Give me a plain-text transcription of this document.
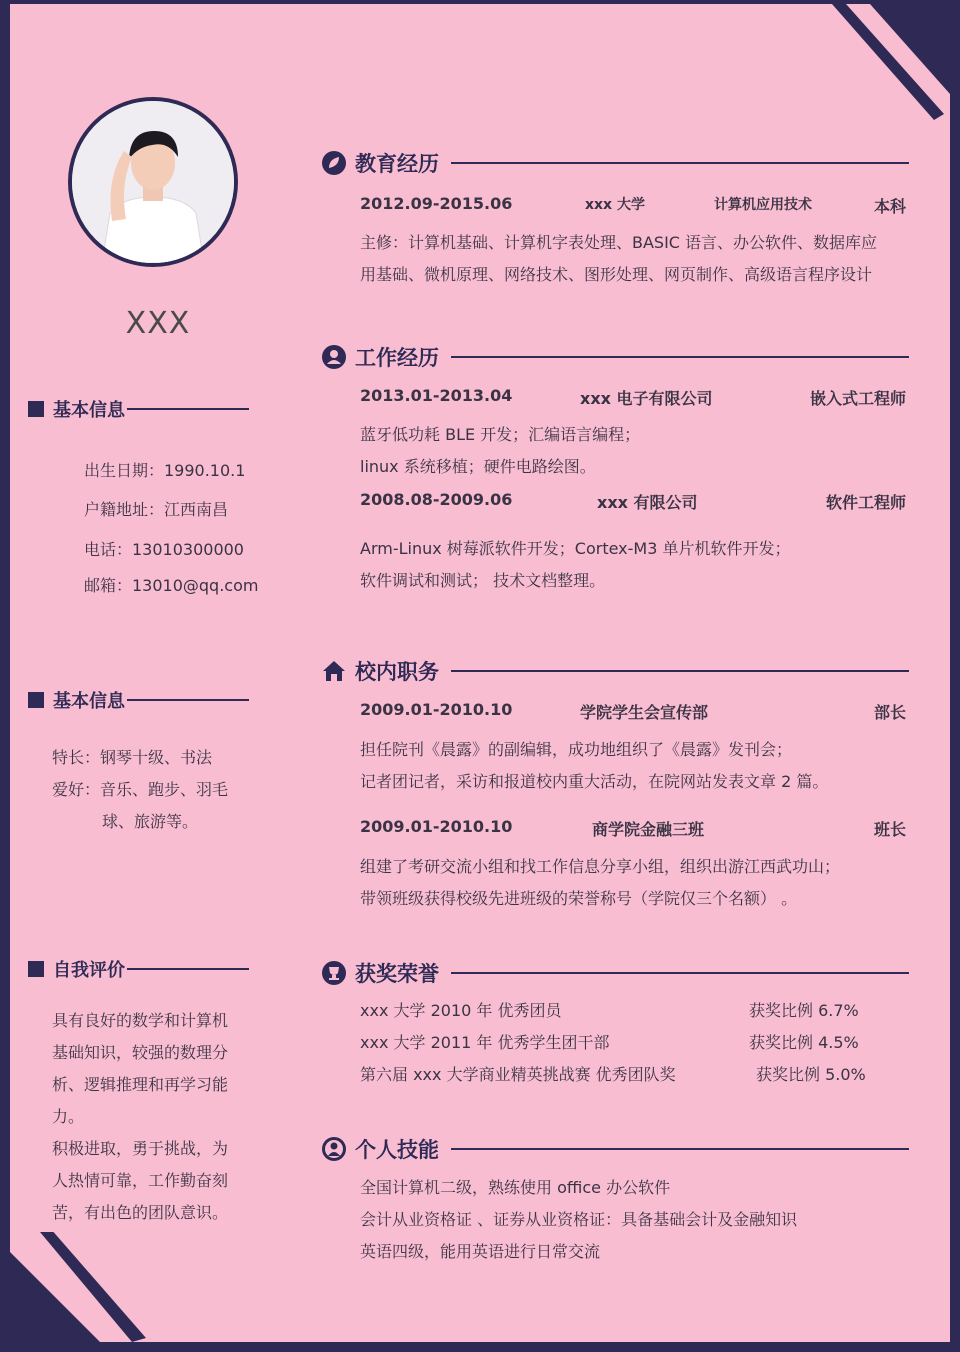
XXX
基本信息
出生日期：1990.10.1
户籍地址：江西南昌
电话：13010300000
邮箱：13010@qq.com
基本信息
特长：钢琴十级、书法
爱好：音乐、跑步、羽毛
球、旅游等。
自我评价
具有良好的数学和计算机
基础知识，较强的数理分
析、逻辑推理和再学习能
力。
积极进取，勇于挑战，为
人热情可靠，工作勤奋刻
苦，有出色的团队意识。
教育经历
2012.09-2015.06	xxx 大学	计算机应用技术	本科
主修：计算机基础、计算机字表处理、BASIC 语言、办公软件、数据库应
用基础、微机原理、网络技术、图形处理、网页制作、高级语言程序设计
工作经历
2013.01-2013.04	xxx 电子有限公司	嵌入式工程师
蓝牙低功耗 BLE 开发；汇编语言编程；
linux 系统移植；硬件电路绘图。
2008.08-2009.06	xxx 有限公司	软件工程师
Arm-Linux 树莓派软件开发；Cortex-M3 单片机软件开发；
软件调试和测试； 技术文档整理。
校内职务
2009.01-2010.10	学院学生会宣传部	部长
担任院刊《晨露》的副编辑，成功地组织了《晨露》发刊会；
记者团记者，采访和报道校内重大活动，在院网站发表文章 2 篇。
2009.01-2010.10	商学院金融三班	班长
组建了考研交流小组和找工作信息分享小组，组织出游江西武功山；
带领班级获得校级先进班级的荣誉称号（学院仅三个名额） 。
获奖荣誉
xxx 大学 2010 年 优秀团员	获奖比例 6.7%
xxx 大学 2011 年 优秀学生团干部	获奖比例 4.5%
第六届 xxx 大学商业精英挑战赛 优秀团队奖	获奖比例 5.0%
个人技能
全国计算机二级，熟练使用 office 办公软件
会计从业资格证 、证券从业资格证：具备基础会计及金融知识
英语四级，能用英语进行日常交流
